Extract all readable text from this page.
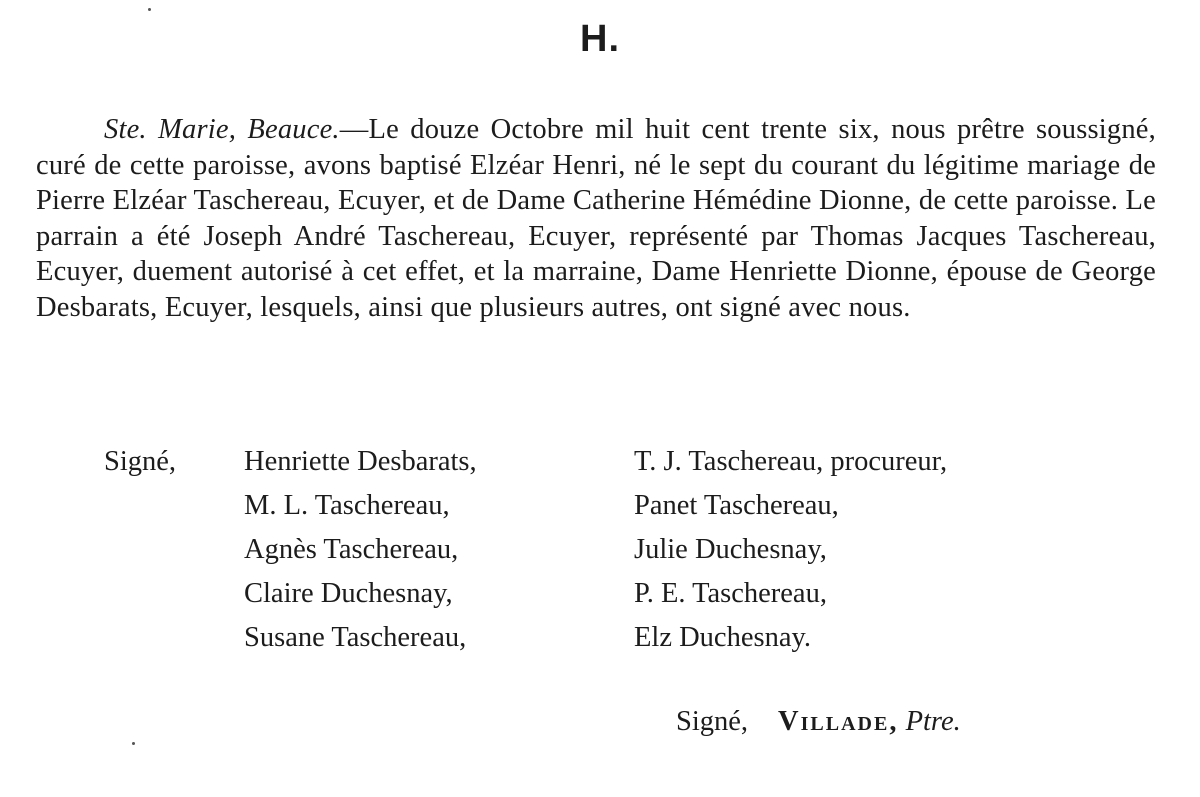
H.
Ste. Marie, Beauce.—Le douze Octobre mil huit cent trente six, nous prêtre soussigné, curé de cette paroisse, avons baptisé Elzéar Henri, né le sept du courant du légitime mariage de Pierre Elzéar Taschereau, Ecuyer, et de Dame Catherine Hémédine Dionne, de cette paroisse. Le parrain a été Joseph André Taschereau, Ecuyer, représenté par Thomas Jacques Taschereau, Ecuyer, duement autorisé à cet effet, et la marraine, Dame Henriette Dionne, épouse de George Desbarats, Ecuyer, lesquels, ainsi que plusieurs autres, ont signé avec nous.
Signé,	Henriette Desbarats,	T. J. Taschereau, procureur,
M. L. Taschereau,	Panet Taschereau,
Agnès Taschereau,	Julie Duchesnay,
Claire Duchesnay,	P. E. Taschereau,
Susane Taschereau,	Elz Duchesnay.
Signé, Villade, Ptre.
